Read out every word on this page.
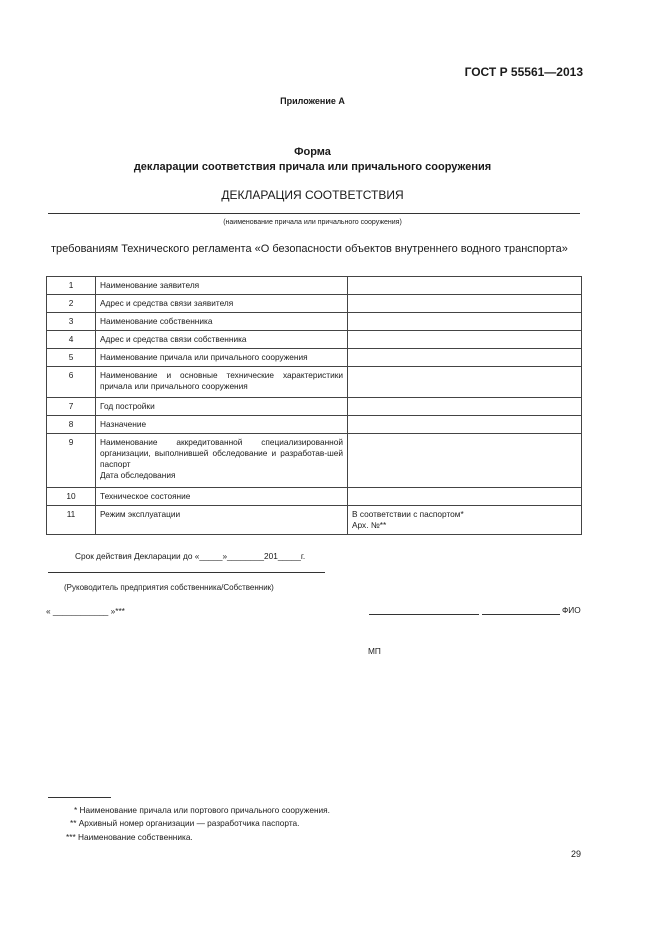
ГОСТ Р 55561—2013
Приложение А
Форма
декларации соответствия причала или причального сооружения
ДЕКЛАРАЦИЯ СООТВЕТСТВИЯ
(наименование причала или причального сооружения)
требованиям Технического регламента «О безопасности объектов внутреннего водного транспорта»
1	Наименование заявителя	
2	Адрес и средства связи заявителя	
3	Наименование собственника	
4	Адрес и средства связи собственника	
5	Наименование причала или причального сооружения	
6	Наименование и основные технические характеристики причала или причального сооружения	
7	Год постройки	
8	Назначение	
9	Наименование аккредитованной специализированной организации, выполнившей обследование и разработав-шей паспорт
Дата обследования	

10	Техническое состояние	
11	Режим эксплуатации	В соответствии с паспортом*
Арх. №**
Срок действия Декларации до «_____»________201_____г.
(Руководитель предприятия собственника/Собственник)
« ____________ »***	ФИО
МП
* Наименование причала или портового причального сооружения.
** Архивный номер организации — разработчика паспорта.
*** Наименование собственника.
29
